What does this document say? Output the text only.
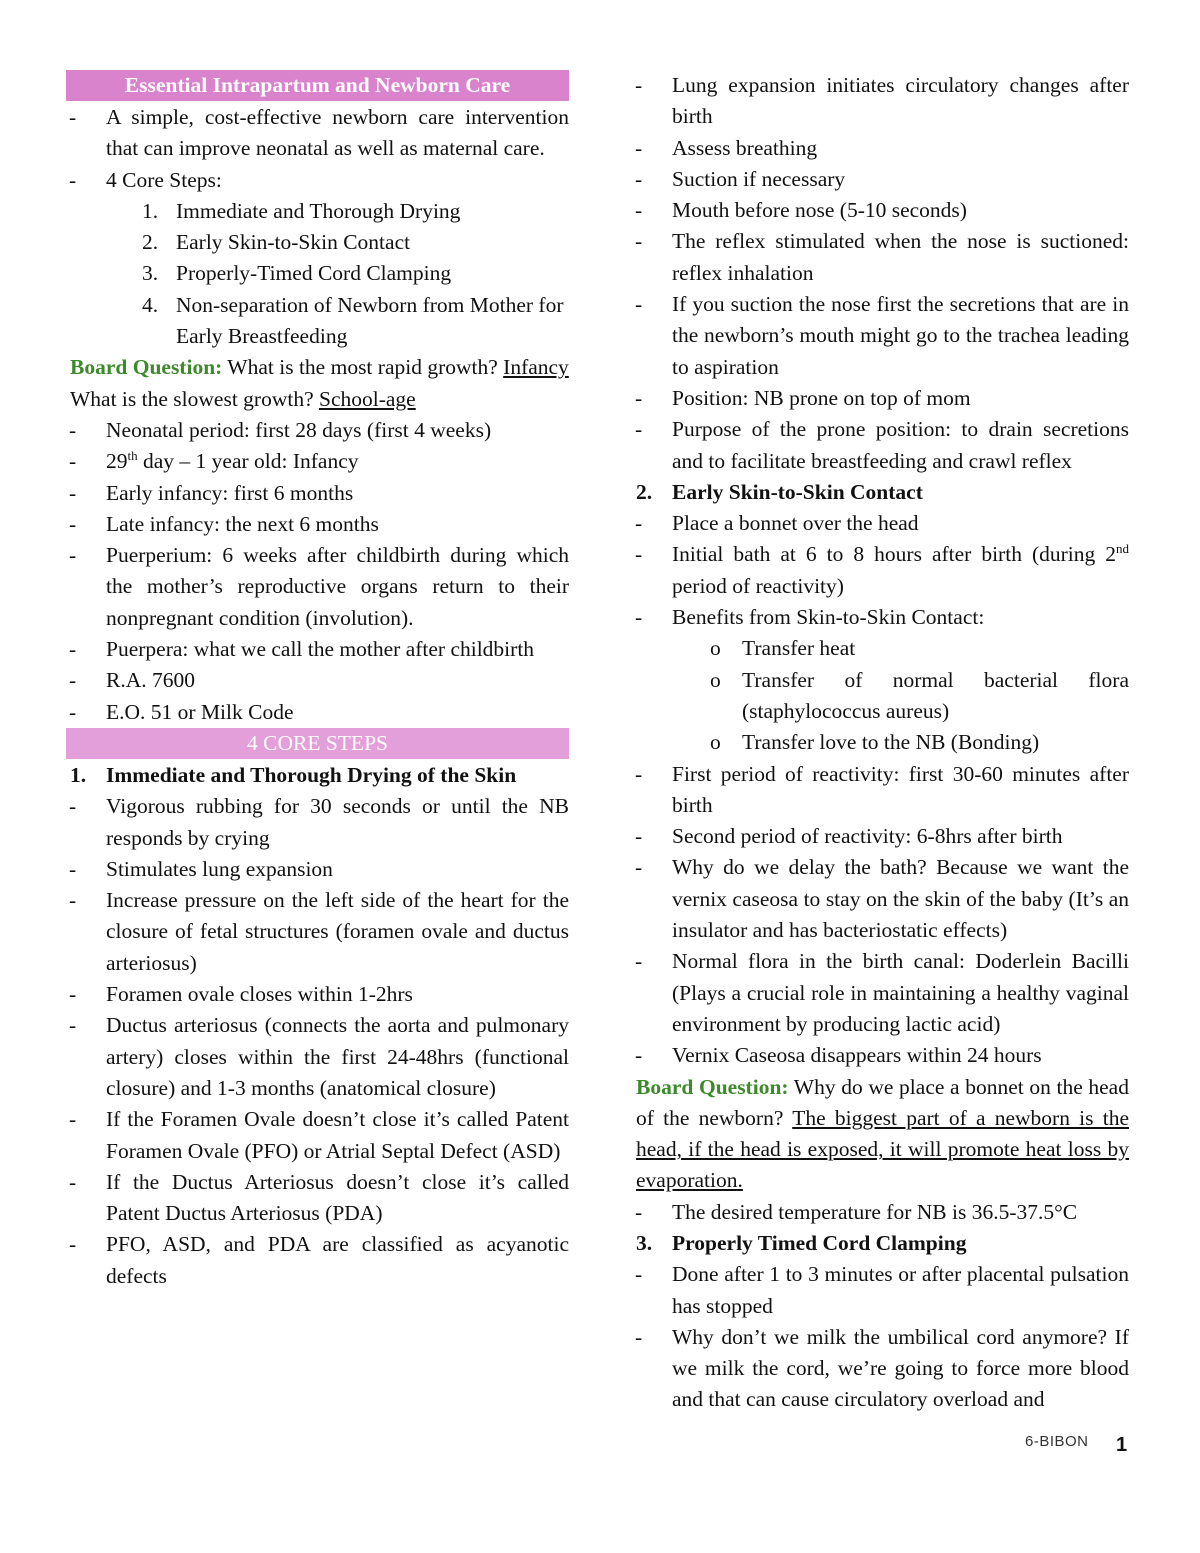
Essential Intrapartum and Newborn Care
- A simple, cost-effective newborn care intervention that can improve neonatal as well as maternal care.
- 4 Core Steps:
1. Immediate and Thorough Drying
2. Early Skin-to-Skin Contact
3. Properly-Timed Cord Clamping
4. Non-separation of Newborn from Mother for Early Breastfeeding
Board Question: What is the most rapid growth? Infancy
What is the slowest growth? School-age
- Neonatal period: first 28 days (first 4 weeks)
- 29th day – 1 year old: Infancy
- Early infancy: first 6 months
- Late infancy: the next 6 months
- Puerperium: 6 weeks after childbirth during which the mother’s reproductive organs return to their nonpregnant condition (involution).
- Puerpera: what we call the mother after childbirth
- R.A. 7600
- E.O. 51 or Milk Code
4 CORE STEPS
1. Immediate and Thorough Drying of the Skin
- Vigorous rubbing for 30 seconds or until the NB responds by crying
- Stimulates lung expansion
- Increase pressure on the left side of the heart for the closure of fetal structures (foramen ovale and ductus arteriosus)
- Foramen ovale closes within 1-2hrs
- Ductus arteriosus (connects the aorta and pulmonary artery) closes within the first 24-48hrs (functional closure) and 1-3 months (anatomical closure)
- If the Foramen Ovale doesn’t close it’s called Patent Foramen Ovale (PFO) or Atrial Septal Defect (ASD)
- If the Ductus Arteriosus doesn’t close it’s called Patent Ductus Arteriosus (PDA)
- PFO, ASD, and PDA are classified as acyanotic defects
- Lung expansion initiates circulatory changes after birth
- Assess breathing
- Suction if necessary
- Mouth before nose (5-10 seconds)
- The reflex stimulated when the nose is suctioned: reflex inhalation
- If you suction the nose first the secretions that are in the newborn’s mouth might go to the trachea leading to aspiration
- Position: NB prone on top of mom
- Purpose of the prone position: to drain secretions and to facilitate breastfeeding and crawl reflex
2. Early Skin-to-Skin Contact
- Place a bonnet over the head
- Initial bath at 6 to 8 hours after birth (during 2nd period of reactivity)
- Benefits from Skin-to-Skin Contact:
o Transfer heat
o Transfer of normal bacterial flora (staphylococcus aureus)
o Transfer love to the NB (Bonding)
- First period of reactivity: first 30-60 minutes after birth
- Second period of reactivity: 6-8hrs after birth
- Why do we delay the bath? Because we want the vernix caseosa to stay on the skin of the baby (It’s an insulator and has bacteriostatic effects)
- Normal flora in the birth canal: Doderlein Bacilli (Plays a crucial role in maintaining a healthy vaginal environment by producing lactic acid)
- Vernix Caseosa disappears within 24 hours
Board Question: Why do we place a bonnet on the head of the newborn? The biggest part of a newborn is the head, if the head is exposed, it will promote heat loss by evaporation.
- The desired temperature for NB is 36.5-37.5°C
3. Properly Timed Cord Clamping
- Done after 1 to 3 minutes or after placental pulsation has stopped
- Why don’t we milk the umbilical cord anymore? If we milk the cord, we’re going to force more blood and that can cause circulatory overload and
6-BIBON 1
